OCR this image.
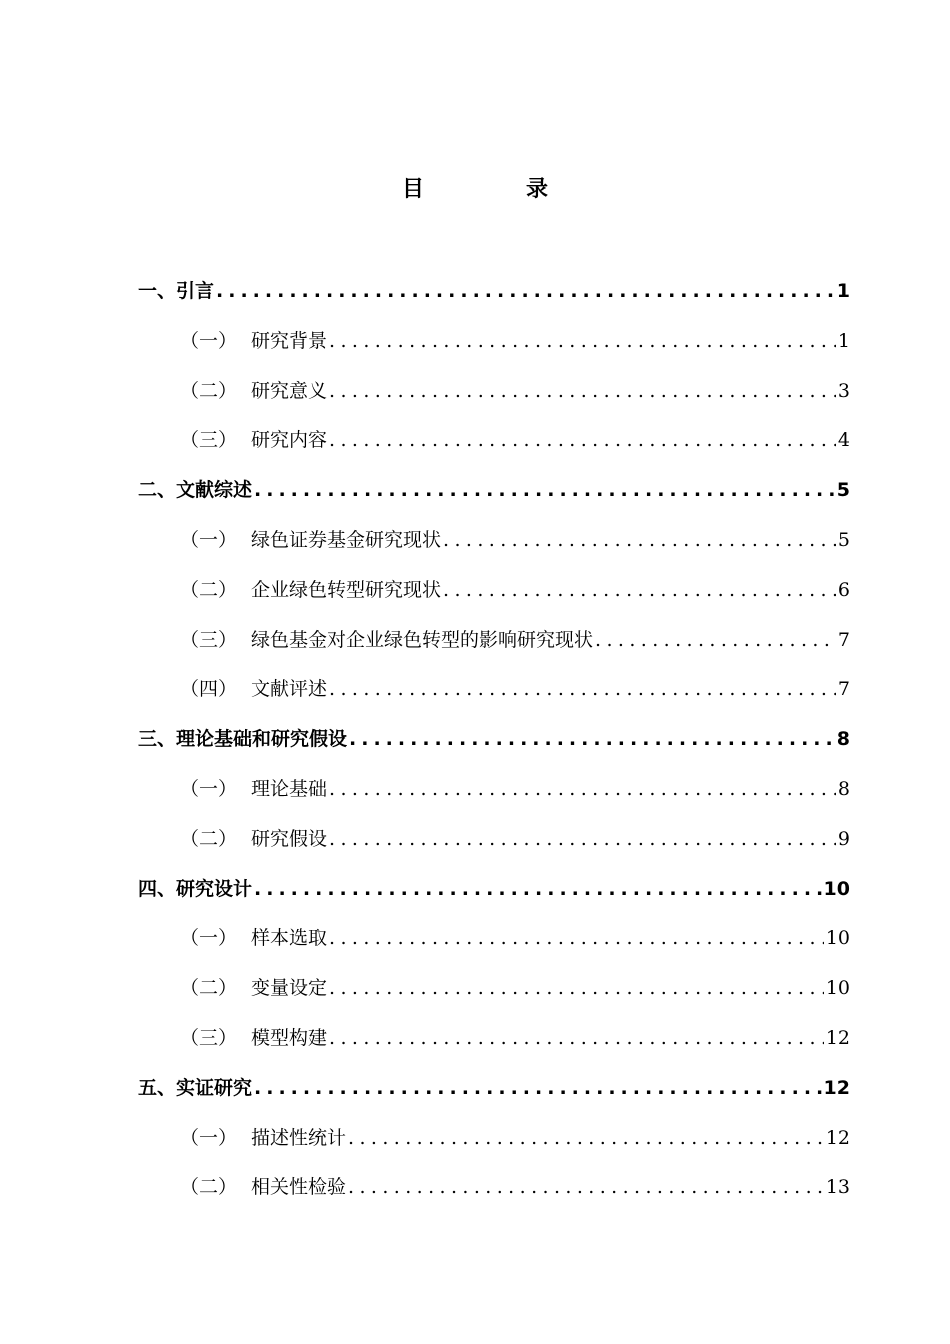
目　录
一、引言 .....	1
（一） 研究背景 .....	1
（二） 研究意义 .....	3
（三） 研究内容 .....	4
二、文献综述 .....	5
（一） 绿色证券基金研究现状 .....	5
（二） 企业绿色转型研究现状 .....	6
（三） 绿色基金对企业绿色转型的影响研究现状 .....	7
（四） 文献评述 .....	7
三、理论基础和研究假设 .....	8
（一） 理论基础 .....	8
（二） 研究假设 .....	9
四、研究设计 .....	10
（一） 样本选取 .....	10
（二） 变量设定 .....	10
（三） 模型构建 .....	12
五、实证研究 .....	12
（一） 描述性统计 .....	12
（二） 相关性检验 .....	13
